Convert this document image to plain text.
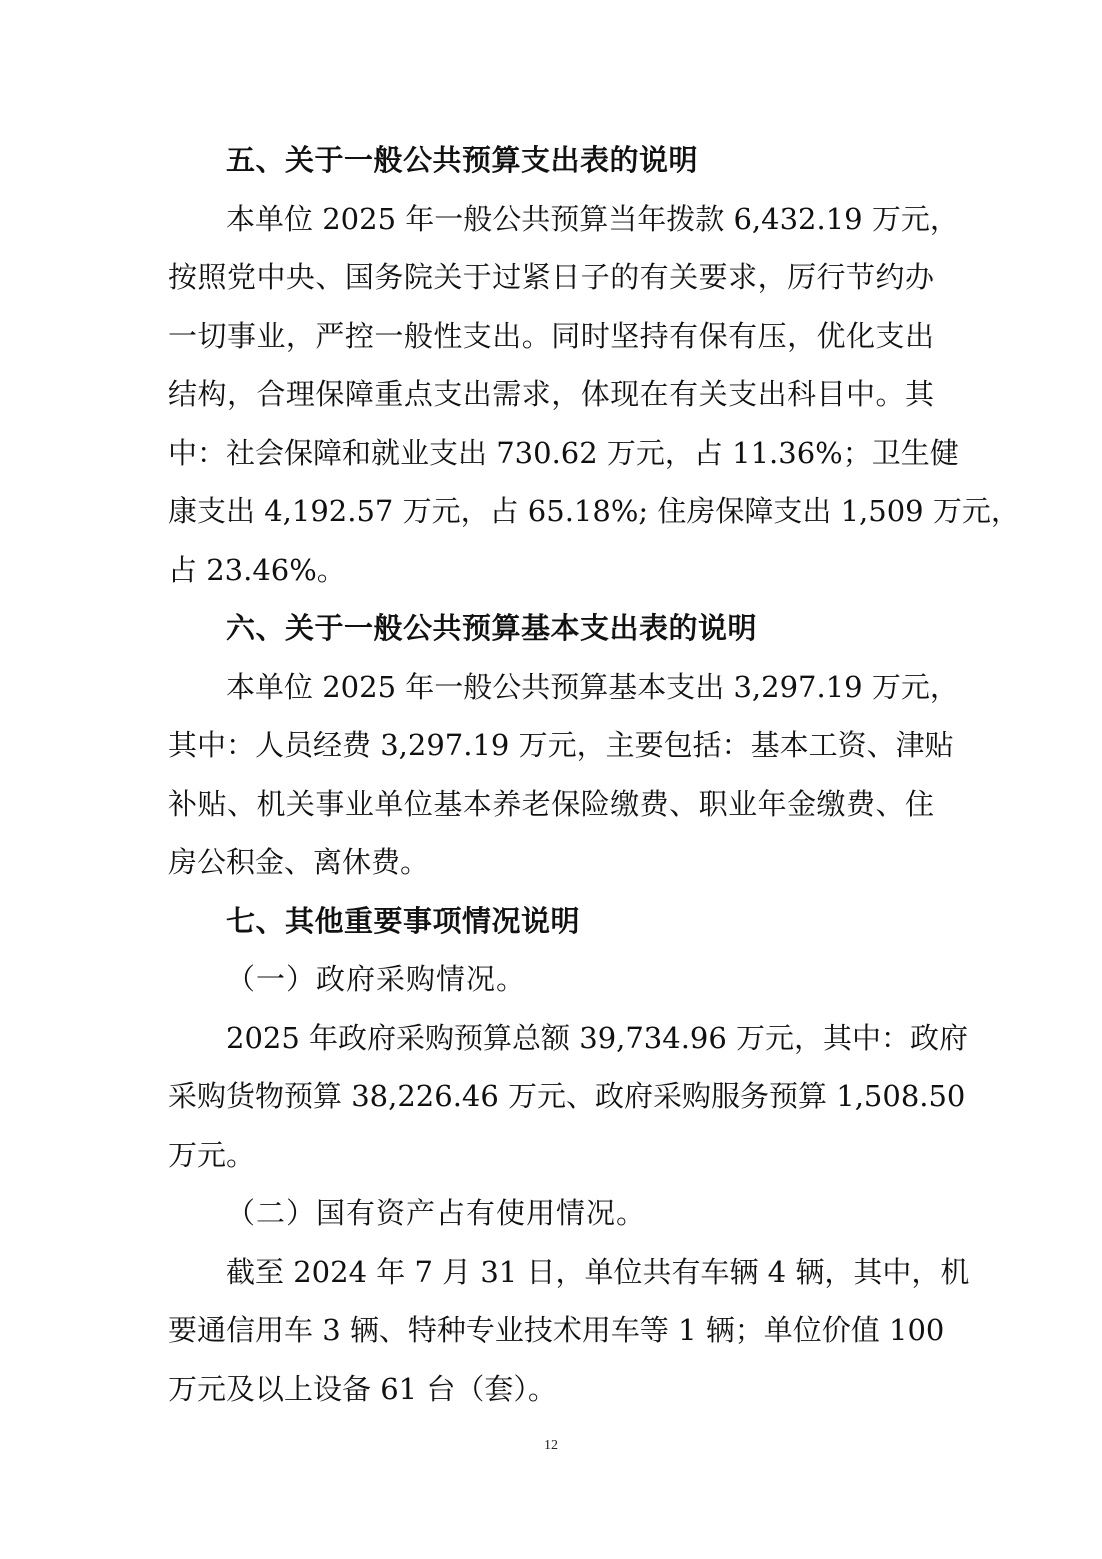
五、关于一般公共预算支出表的说明

本单位 2025 年一般公共预算当年拨款 6,432.19 万元，
按照党中央、国务院关于过紧日子的有关要求，厉行节约办
一切事业，严控一般性支出。同时坚持有保有压，优化支出
结构，合理保障重点支出需求，体现在有关支出科目中。其
中：社会保障和就业支出 730.62 万元，占 11.36%；卫生健
康支出 4,192.57 万元，占 65.18%; 住房保障支出 1,509 万元，
占 23.46%。

六、关于一般公共预算基本支出表的说明

本单位 2025 年一般公共预算基本支出 3,297.19 万元，
其中：人员经费 3,297.19 万元，主要包括：基本工资、津贴
补贴、机关事业单位基本养老保险缴费、职业年金缴费、住
房公积金、离休费。

七、其他重要事项情况说明

（一）政府采购情况。

2025 年政府采购预算总额 39,734.96 万元，其中：政府
采购货物预算 38,226.46 万元、政府采购服务预算 1,508.50
万元。

（二）国有资产占有使用情况。

截至 2024 年 7 月 31 日，单位共有车辆 4 辆，其中，机
要通信用车 3 辆、特种专业技术用车等 1 辆；单位价值 100
万元及以上设备 61 台（套）。

12
